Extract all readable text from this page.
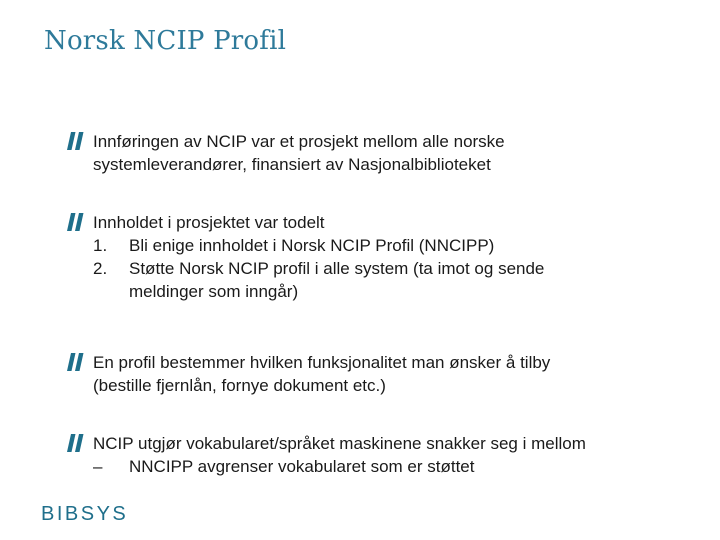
Norsk NCIP Profil
Innføringen av NCIP var et prosjekt mellom alle norske
systemleverandører, finansiert av Nasjonalbiblioteket
Innholdet i prosjektet var todelt
1. Bli enige innholdet i Norsk NCIP Profil (NNCIPP)
2. Støtte Norsk NCIP profil i alle system (ta imot og sende
meldinger som inngår)
En profil bestemmer hvilken funksjonalitet man ønsker å tilby
(bestille fjernlån, fornye dokument etc.)
NCIP utgjør vokabularet/språket maskinene snakker seg i mellom
– NNCIPP avgrenser vokabularet som er støttet
BIBSYS
